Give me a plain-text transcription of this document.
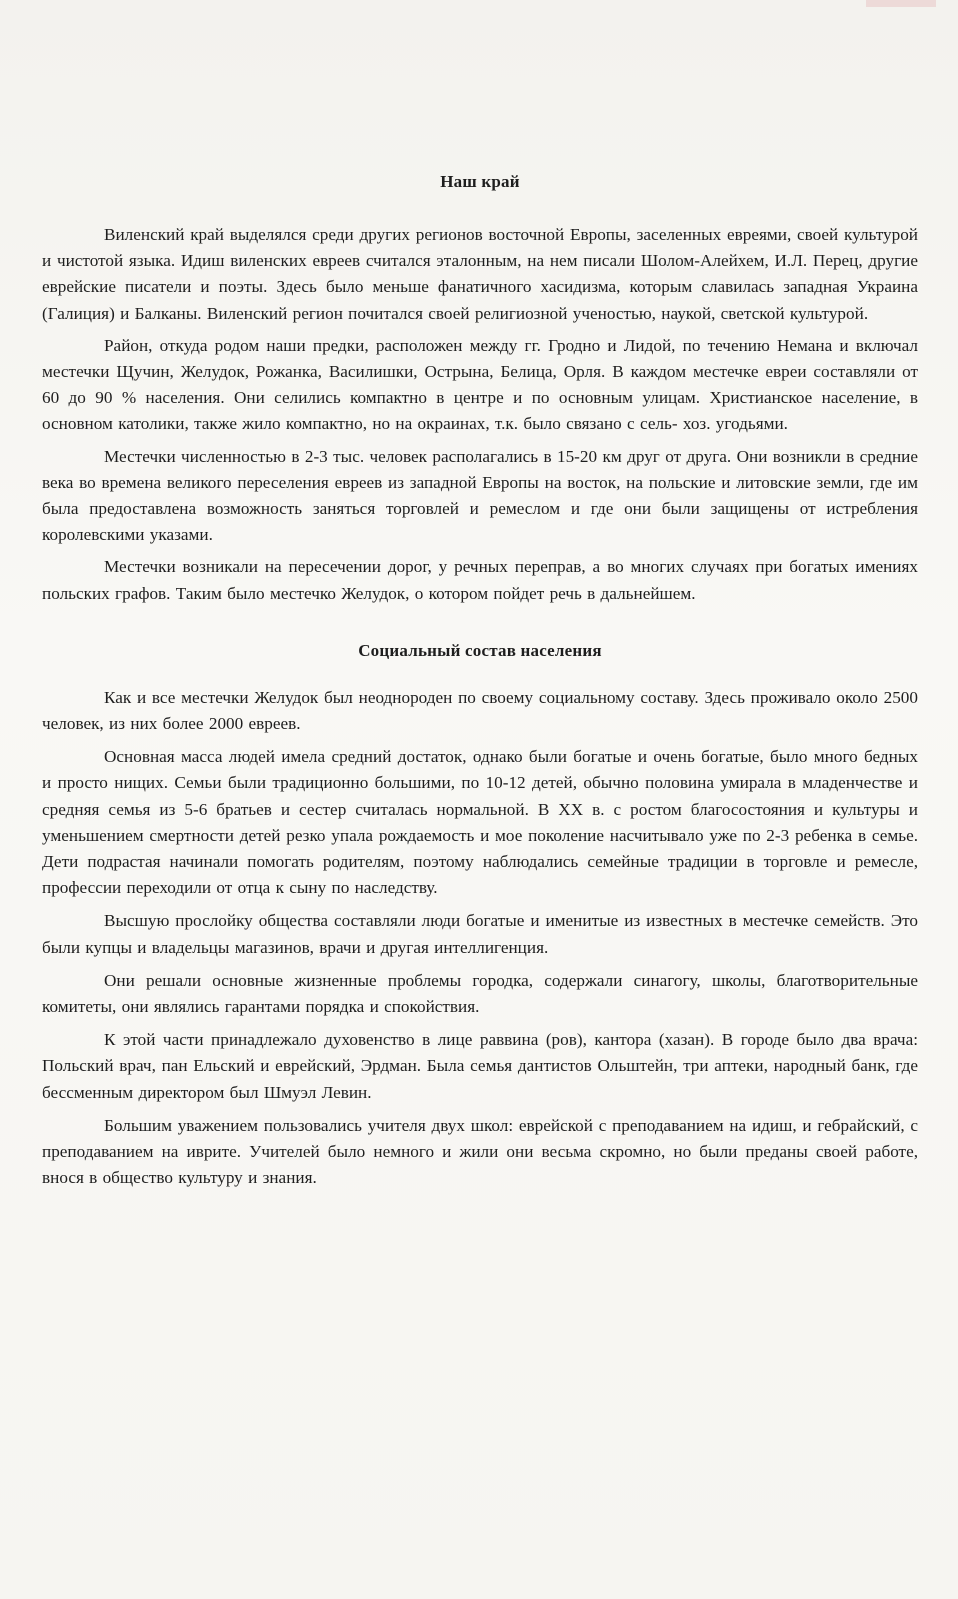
Наш край

Виленский край выделялся среди других регионов восточной Европы, заселенных евреями, своей культурой и чистотой языка. Идиш виленских евреев считался эталонным, на нем писали Шолом-Алейхем, И.Л. Перец, другие еврейские писатели и поэты. Здесь было меньше фанатичного хасидизма, которым славилась западная Украина (Галиция) и Балканы. Виленский регион почитался своей религиозной ученостью, наукой, светской культурой.

Район, откуда родом наши предки, расположен между гг. Гродно и Лидой, по течению Немана и включал местечки Щучин, Желудок, Рожанка, Василишки, Острына, Белица, Орля. В каждом местечке евреи составляли от 60 до 90 % населения. Они селились компактно в центре и по основным улицам. Христианское население, в основном католики, также жило компактно, но на окраинах, т.к. было связано с сель- хоз. угодьями.

Местечки численностью в 2-3 тыс. человек располагались в 15-20 км друг от друга. Они возникли в средние века во времена великого переселения евреев из западной Европы на восток, на польские и литовские земли, где им была предоставлена возможность заняться торговлей и ремеслом и где они были защищены от истребления королевскими указами.

Местечки возникали на пересечении дорог, у речных переправ, а во многих случаях при богатых имениях польских графов. Таким было местечко Желудок, о котором пойдет речь в дальнейшем.

Социальный состав населения

Как и все местечки Желудок был неоднороден по своему социальному составу. Здесь проживало около 2500 человек, из них более 2000 евреев.

Основная масса людей имела средний достаток, однако были богатые и очень богатые, было много бедных и просто нищих. Семьи были традиционно большими, по 10-12 детей, обычно половина умирала в младенчестве и средняя семья из 5-6 братьев и сестер считалась нормальной. В XX в. с ростом благосостояния и культуры и уменьшением смертности детей резко упала рождаемость и мое поколение насчитывало уже по 2-3 ребенка в семье. Дети подрастая начинали помогать родителям, поэтому наблюдались семейные традиции в торговле и ремесле, профессии переходили от отца к сыну по наследству.

Высшую прослойку общества составляли люди богатые и именитые из известных в местечке семейств. Это были купцы и владельцы магазинов, врачи и другая интеллигенция.

Они решали основные жизненные проблемы городка, содержали синагогу, школы, благотворительные комитеты, они являлись гарантами порядка и спокойствия.

К этой части принадлежало духовенство в лице раввина (ров), кантора (хазан). В городе было два врача: Польский врач, пан Ельский и еврейский, Эрдман. Была семья дантистов Ольштейн, три аптеки, народный банк, где бессменным директором был Шмуэл Левин.

Большим уважением пользовались учителя двух школ: еврейской с преподаванием на идиш, и гебрайский, с преподаванием на иврите. Учителей было немного и жили они весьма скромно, но были преданы своей работе, внося в общество культуру и знания.
